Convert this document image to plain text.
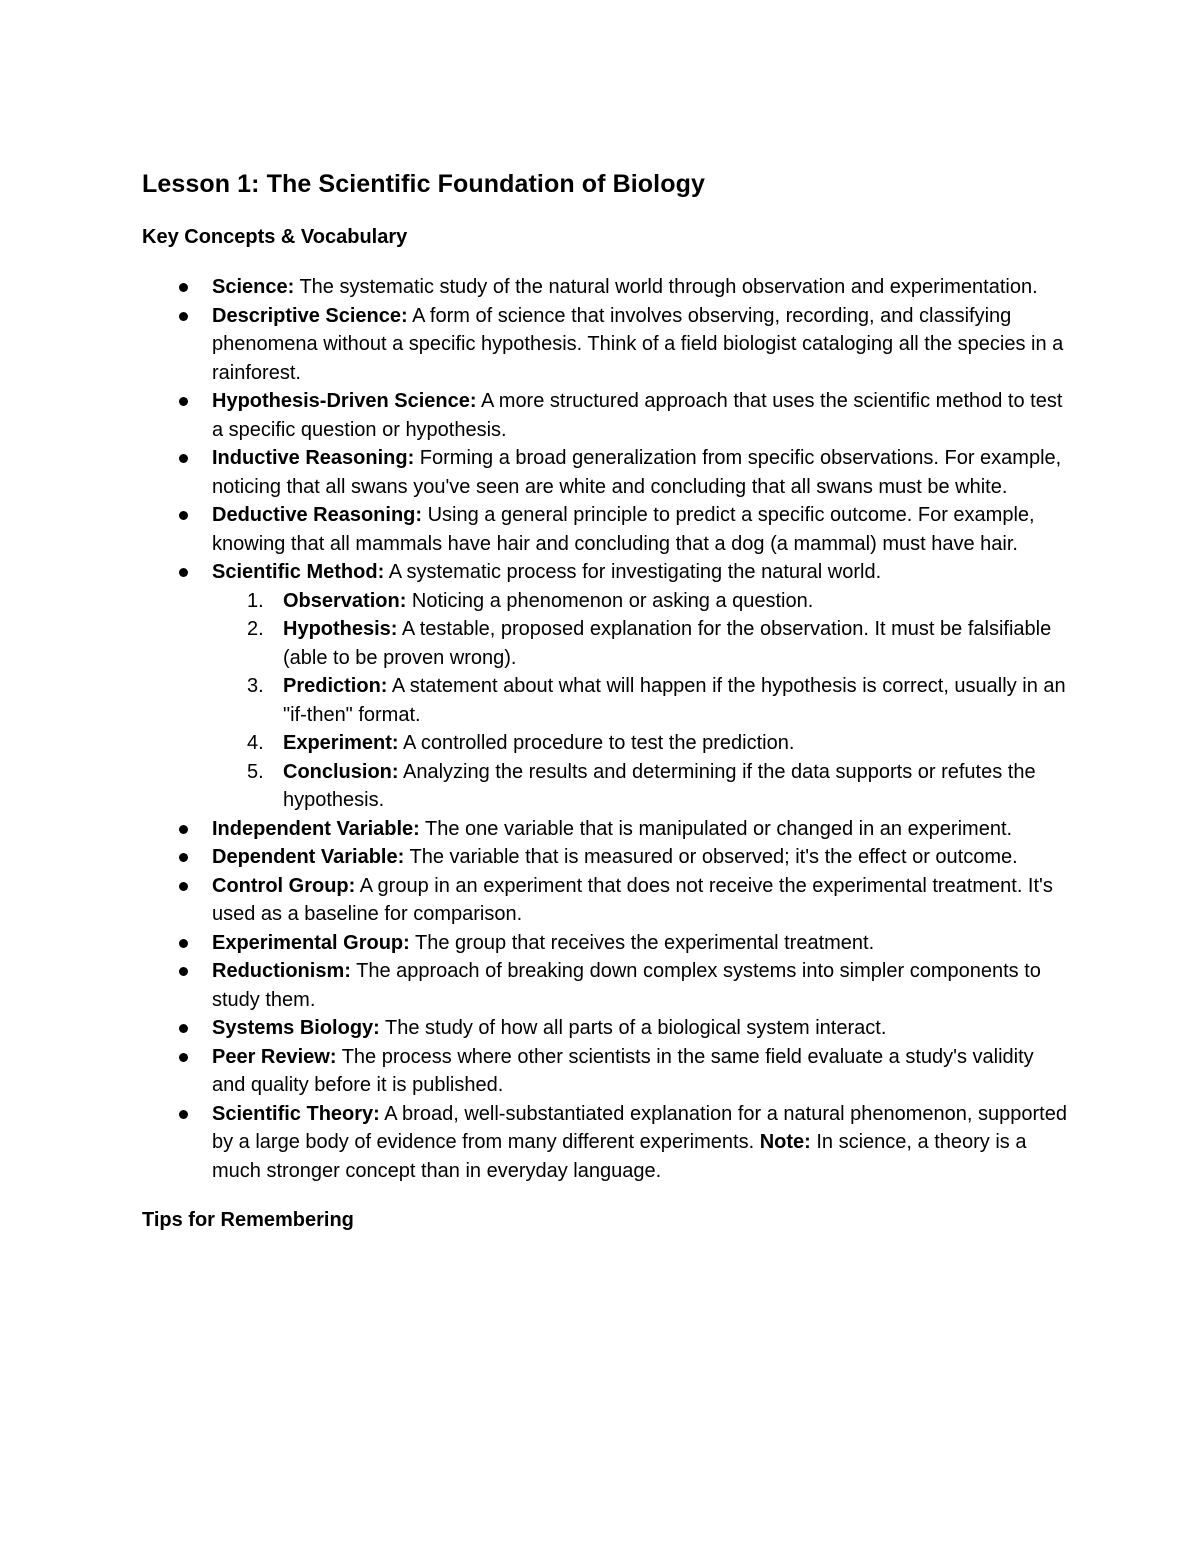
Lesson 1: The Scientific Foundation of Biology
Key Concepts & Vocabulary
Science: The systematic study of the natural world through observation and experimentation.
Descriptive Science: A form of science that involves observing, recording, and classifying phenomena without a specific hypothesis. Think of a field biologist cataloging all the species in a rainforest.
Hypothesis-Driven Science: A more structured approach that uses the scientific method to test a specific question or hypothesis.
Inductive Reasoning: Forming a broad generalization from specific observations. For example, noticing that all swans you've seen are white and concluding that all swans must be white.
Deductive Reasoning: Using a general principle to predict a specific outcome. For example, knowing that all mammals have hair and concluding that a dog (a mammal) must have hair.
Scientific Method: A systematic process for investigating the natural world.
1. Observation: Noticing a phenomenon or asking a question.
2. Hypothesis: A testable, proposed explanation for the observation. It must be falsifiable (able to be proven wrong).
3. Prediction: A statement about what will happen if the hypothesis is correct, usually in an "if-then" format.
4. Experiment: A controlled procedure to test the prediction.
5. Conclusion: Analyzing the results and determining if the data supports or refutes the hypothesis.
Independent Variable: The one variable that is manipulated or changed in an experiment.
Dependent Variable: The variable that is measured or observed; it's the effect or outcome.
Control Group: A group in an experiment that does not receive the experimental treatment. It's used as a baseline for comparison.
Experimental Group: The group that receives the experimental treatment.
Reductionism: The approach of breaking down complex systems into simpler components to study them.
Systems Biology: The study of how all parts of a biological system interact.
Peer Review: The process where other scientists in the same field evaluate a study's validity and quality before it is published.
Scientific Theory: A broad, well-substantiated explanation for a natural phenomenon, supported by a large body of evidence from many different experiments. Note: In science, a theory is a much stronger concept than in everyday language.
Tips for Remembering
